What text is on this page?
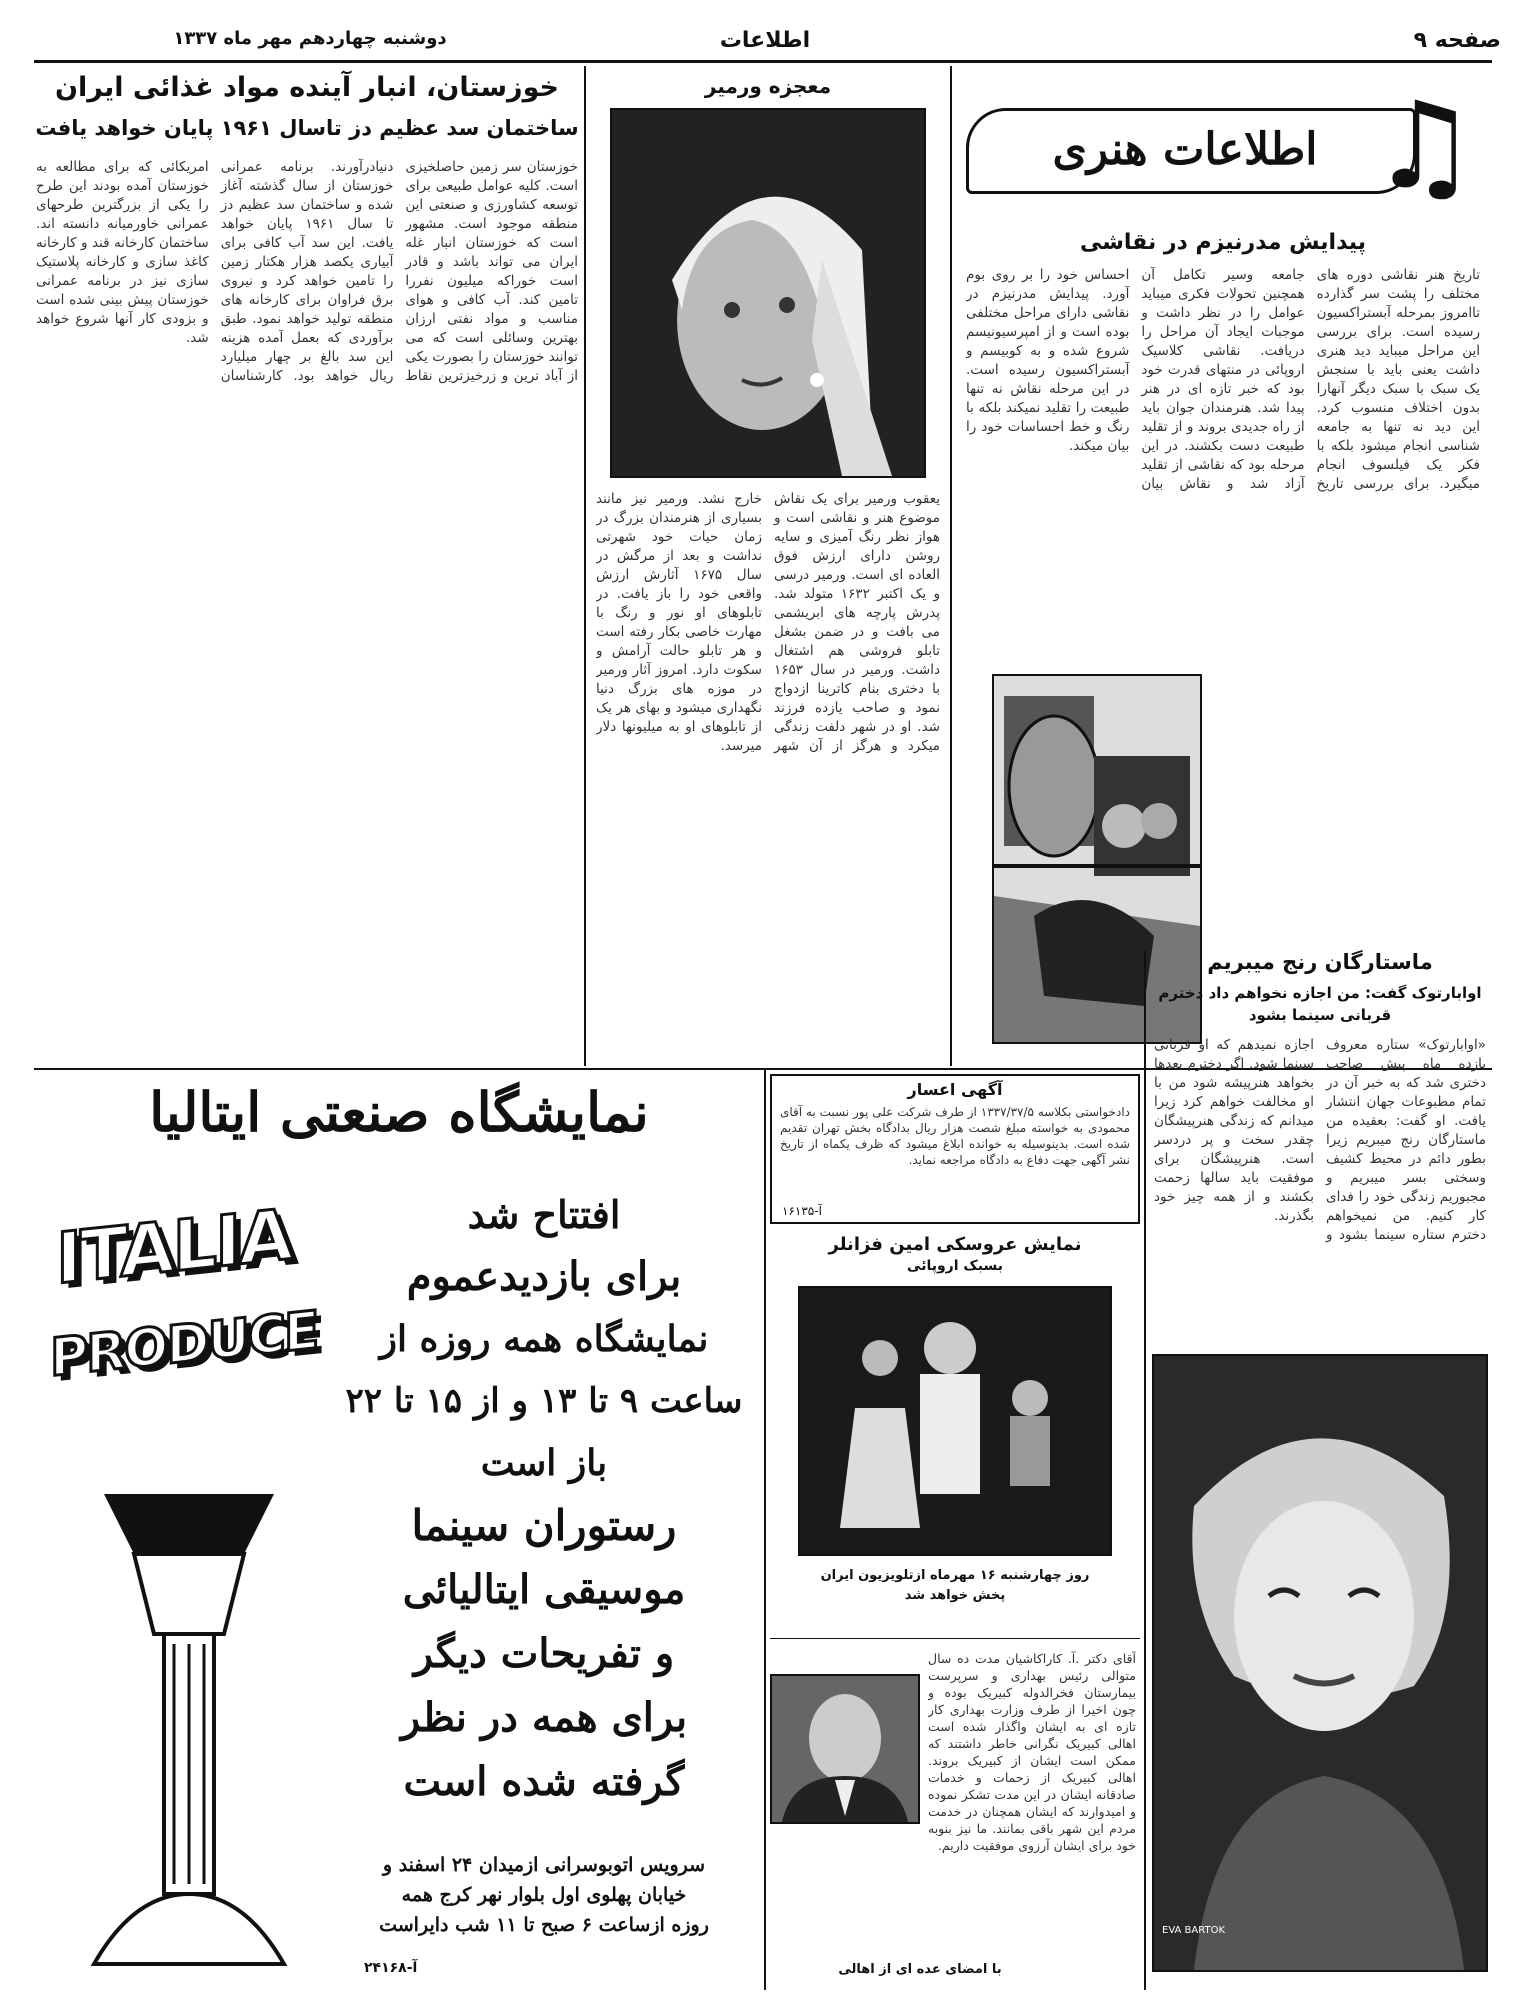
صفحه ۹
اطلاعات
دوشنبه چهاردهم مهر ماه ۱۳۳۷
♫
اطلاعات هنری
پیدایش مدرنیزم در نقاشی
تاریخ هنر نقاشی دوره های مختلف را پشت سر گذارده تاامروز بمرحله آبستراکسیون رسیده است. برای بررسی این مراحل میباید دید هنری داشت یعنی باید با سنجش یک سبک با سبک دیگر آنهارا بدون اختلاف منسوب کرد. این دید نه تنها به جامعه شناسی انجام میشود بلکه با فکر یک فیلسوف انجام میگیرد. برای بررسی تاریخ جامعه وسیر تکامل آن همچنین تحولات فکری میباید عوامل را در نظر داشت و موجبات ایجاد آن مراحل را دریافت. نقاشی کلاسیک اروپائی در منتهای قدرت خود بود که خبر تازه ای در هنر پیدا شد. هنرمندان جوان باید از راه جدیدی بروند و از تقلید طبیعت دست بکشند. در این مرحله بود که نقاشی از تقلید آزاد شد و نقاش بیان احساس خود را بر روی بوم آورد. پیدایش مدرنیزم در نقاشی دارای مراحل مختلفی بوده است و از امپرسیونیسم شروع شده و به کوبیسم و آبستراکسیون رسیده است. در این مرحله نقاش نه تنها طبیعت را تقلید نمیکند بلکه با رنگ و خط احساسات خود را بیان میکند.
معجزه ورمیر
یعقوب ورمیر برای یک نقاش موضوع هنر و نقاشی است و هواز نظر رنگ آمیزی و سایه روشن دارای ارزش فوق العاده ای است. ورمیر درسی و یک اکتبر ۱۶۳۲ متولد شد. پدرش پارچه های ابریشمی می بافت و در ضمن بشغل تابلو فروشی هم اشتغال داشت. ورمیر در سال ۱۶۵۳ با دختری بنام کاترینا ازدواج نمود و صاحب یازده فرزند شد. او در شهر دلفت زندگی میکرد و هرگز از آن شهر خارج نشد. ورمیر نیز مانند بسیاری از هنرمندان بزرگ در زمان حیات خود شهرتی نداشت و بعد از مرگش در سال ۱۶۷۵ آثارش ارزش واقعی خود را باز یافت. در تابلوهای او نور و رنگ با مهارت خاصی بکار رفته است و هر تابلو حالت آرامش و سکوت دارد. امروز آثار ورمیر در موزه های بزرگ دنیا نگهداری میشود و بهای هر یک از تابلوهای او به میلیونها دلار میرسد.
خوزستان، انبار آینده مواد غذائی ایران
ساختمان سد عظیم دز تاسال ۱۹۶۱ پایان خواهد یافت
خوزستان سر زمین حاصلخیزی است. کلیه عوامل طبیعی برای توسعه کشاورزی و صنعتی این منطقه موجود است. مشهور است که خوزستان انبار غله ایران می تواند باشد و قادر است خوراکه میلیون نفررا تامین کند. آب کافی و هوای مناسب و مواد نفتی ارزان بهترین وسائلی است که می توانند خوزستان را بصورت یکی از آباد ترین و زرخیزترین نقاط دنیادرآورند. برنامه عمرانی خوزستان از سال گذشته آغاز شده و ساختمان سد عظیم دز تا سال ۱۹۶۱ پایان خواهد یافت. این سد آب کافی برای آبیاری یکصد هزار هکتار زمین را تامین خواهد کرد و نیروی برق فراوان برای کارخانه های منطقه تولید خواهد نمود. طبق برآوردی که بعمل آمده هزینه این سد بالغ بر چهار میلیارد ریال خواهد بود. کارشناسان امریکائی که برای مطالعه به خوزستان آمده بودند این طرح را یکی از بزرگترین طرحهای عمرانی خاورمیانه دانسته اند. ساختمان کارخانه قند و کارخانه کاغذ سازی و کارخانه پلاستیک سازی نیز در برنامه عمرانی خوزستان پیش بینی شده است و بزودی کار آنها شروع خواهد شد.
ماستارگان رنج میبریم
اوابارتوک گفت: من اجازه نخواهم داد دخترم قربانی سینما بشود
«اوابارتوک» ستاره معروف یازده ماه پیش صاحب دختری شد که به خبر آن در تمام مطبوعات جهان انتشار یافت. او گفت: بعقیده من ماستارگان رنج میبریم زیرا بطور دائم در محیط کشیف وسختی بسر میبریم و مجبوریم زندگی خود را فدای کار کنیم. من نمیخواهم دخترم ستاره سینما بشود و اجازه نمیدهم که او قربانی سینما شود. اگر دخترم بعدها بخواهد هنرپیشه شود من با او مخالفت خواهم کرد زیرا میدانم که زندگی هنرپیشگان چقدر سخت و پر دردسر است. هنرپیشگان برای موفقیت باید سالها زحمت بکشند و از همه چیز خود بگذرند.
EVA BARTOK
آگهی اعسار
دادخواستی بکلاسه ۱۳۳۷/۳۷/۵ از طرف شرکت علی پور نسبت به آقای محمودی به خواسته مبلغ شصت هزار ریال بدادگاه بخش تهران تقدیم شده است. بدینوسیله به خوانده ابلاغ میشود که ظرف یکماه از تاریخ نشر آگهی جهت دفاع به دادگاه مراجعه نماید.
آ-۱۶۱۳۵
نمایش عروسکی امین فزانلر
بسبک اروپائی
روز چهارشنبه ۱۶ مهرماه ازتلویزیون ایران پخش خواهد شد
آقای دکتر .آ. کاراکاشیان مدت ده سال متوالی رئیس بهداری و سرپرست بیمارستان فخرالدوله کبیریک بوده و چون اخیرا از طرف وزارت بهداری کار تازه ای به ایشان واگذار شده است اهالی کبیریک نگرانی خاطر داشتند که ممکن است ایشان از کبیریک بروند. اهالی کبیریک از زحمات و خدمات صادقانه ایشان در این مدت تشکر نموده و امیدوارند که ایشان همچنان در خدمت مردم این شهر باقی بمانند. ما نیز بنوبه خود برای ایشان آرزوی موفقیت داریم.
با امضای عده ای از اهالی
نمایشگاه صنعتی ایتالیا
ITALIA
PRODUCE
افتتاح شد
برای بازدیدعموم
نمایشگاه همه روزه از
ساعت ۹ تا ۱۳ و از ۱۵ تا ۲۲
باز است
رستوران سینما
موسیقی ایتالیائی
و تفریحات دیگر
برای همه در نظر
گرفته شده است
سرویس اتوبوسرانی ازمیدان ۲۴ اسفند و
خیابان پهلوی اول بلوار نهر کرج همه
روزه ازساعت ۶ صبح تا ۱۱ شب دایراست
آ-۲۴۱۶۸
